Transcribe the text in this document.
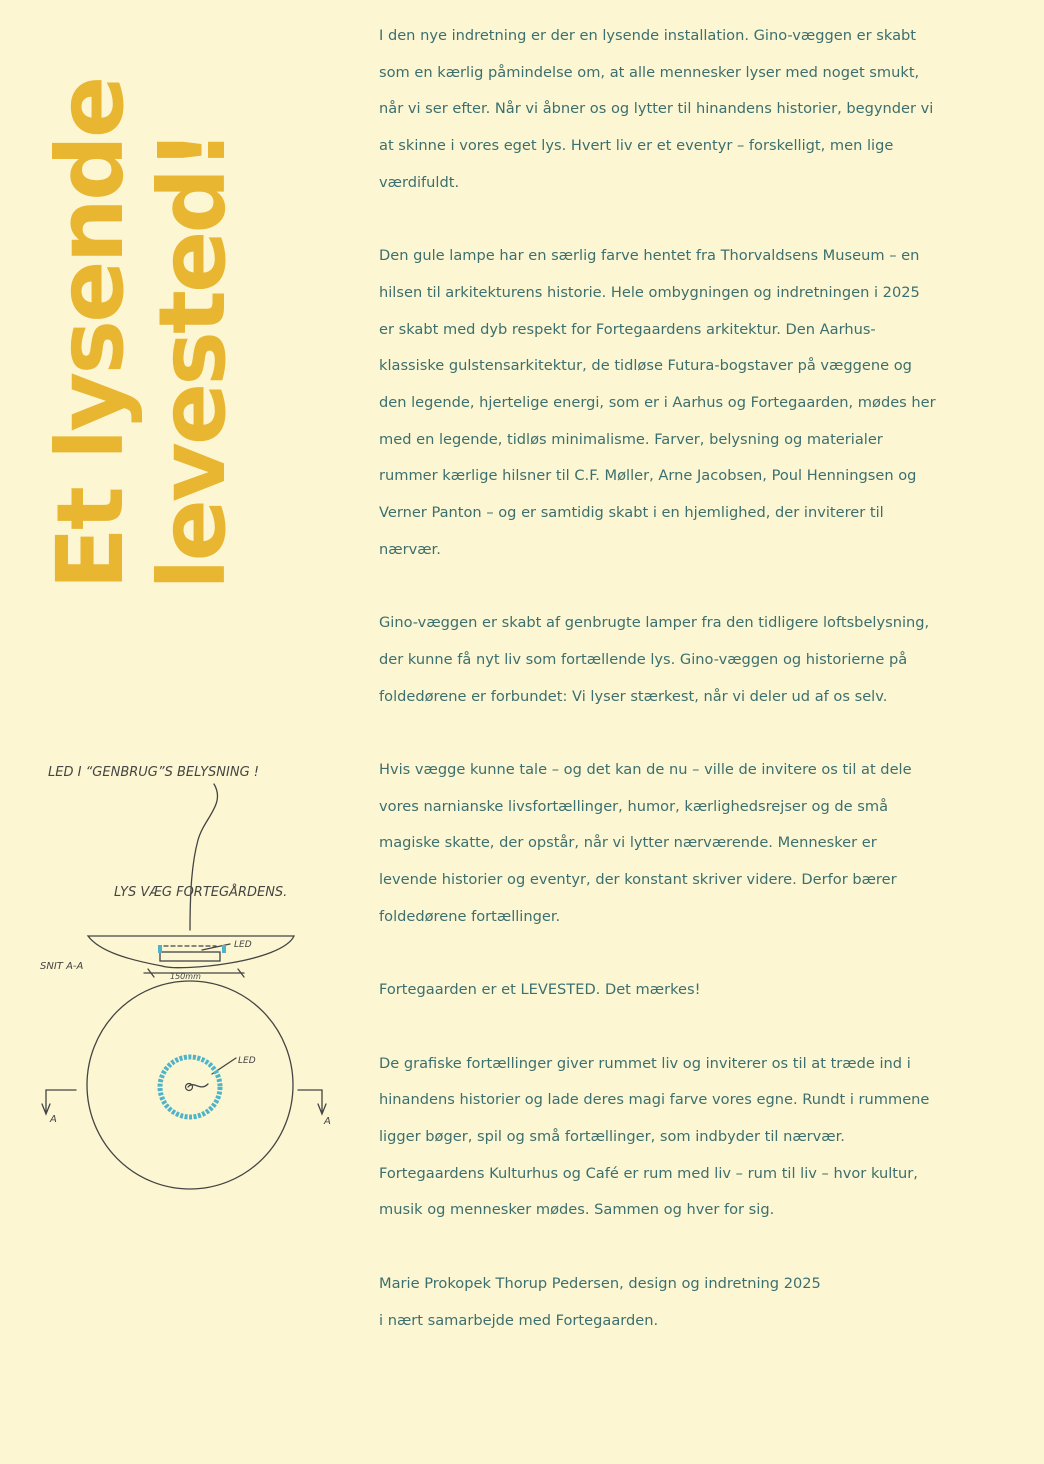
Et lysende
levested!
LED I “GENBRUG”S BELYSNING !
LYS VÆG FORTEGÅRDENS.
SNIT A-A
LED
LED
150mm
A	A

I den nye indretning er der en lysende installation. Gino-væggen er skabt som en kærlig påmindelse om, at alle mennesker lyser med noget smukt, når vi ser efter. Når vi åbner os og lytter til hinandens historier, begynder vi at skinne i vores eget lys. Hvert liv er et eventyr – forskelligt, men lige værdifuldt.

Den gule lampe har en særlig farve hentet fra Thorvaldsens Museum – en hilsen til arkitekturens historie. Hele ombygningen og indretningen i 2025 er skabt med dyb respekt for Fortegaardens arkitektur. Den Aarhus-klassiske gulstensarkitektur, de tidløse Futura-bogstaver på væggene og den legende, hjertelige energi, som er i Aarhus og Fortegaarden, mødes her med en legende, tidløs minimalisme. Farver, belysning og materialer rummer kærlige hilsner til C.F. Møller, Arne Jacobsen, Poul Henningsen og Verner Panton – og er samtidig skabt i en hjemlighed, der inviterer til nærvær.

Gino-væggen er skabt af genbrugte lamper fra den tidligere loftsbelysning, der kunne få nyt liv som fortællende lys. Gino-væggen og historierne på foldedørene er forbundet: Vi lyser stærkest, når vi deler ud af os selv.

Hvis vægge kunne tale – og det kan de nu – ville de invitere os til at dele vores narnianske livsfortællinger, humor, kærlighedsrejser og de små magiske skatte, der opstår, når vi lytter nærværende. Mennesker er levende historier og eventyr, der konstant skriver videre. Derfor bærer foldedørene fortællinger.

Fortegaarden er et LEVESTED. Det mærkes!

De grafiske fortællinger giver rummet liv og inviterer os til at træde ind i hinandens historier og lade deres magi farve vores egne. Rundt i rummene ligger bøger, spil og små fortællinger, som indbyder til nærvær. Fortegaardens Kulturhus og Café er rum med liv – rum til liv – hvor kultur, musik og mennesker mødes. Sammen og hver for sig.

Marie Prokopek Thorup Pedersen, design og indretning 2025
i nært samarbejde med Fortegaarden.
